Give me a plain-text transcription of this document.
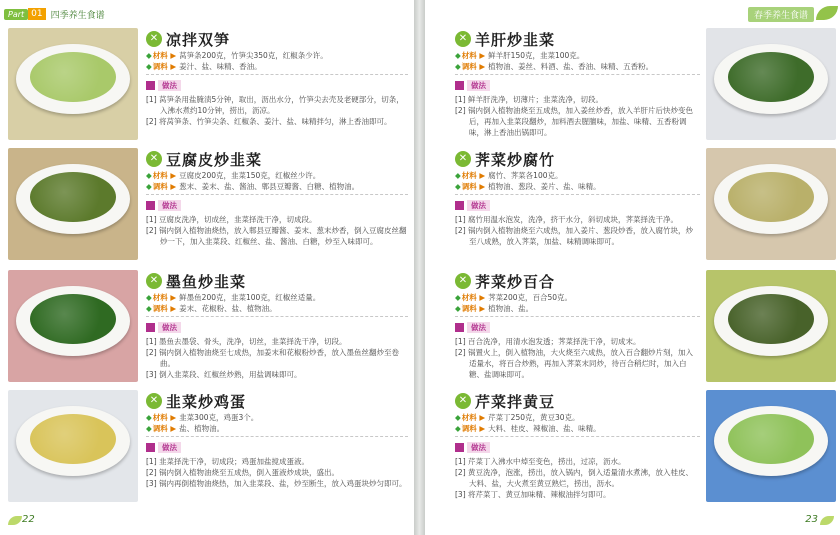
Part 01 四季养生食谱
✕ 凉拌双笋
◆材料 ▶ 莴笋条200克，竹笋尖350克，红椒条少许。
◆调料 ▶ 姜汁、盐、味精、香油。
做法
[1] 莴笋条用盐腌渍5分钟，取出，沥出水分，竹笋尖去壳及老硬部分，切条，入沸水煮约10分钟，捞出，沥凉。
[2] 将莴笋条、竹笋尖条、红椒条、姜汁、盐、味精拌匀，淋上香油即可。
✕ 豆腐皮炒韭菜
◆材料 ▶ 豆腐皮200克，韭菜150克，红椒丝少许。
◆调料 ▶ 葱末、姜末、盐、酱油、郫县豆瓣酱、白糖、植物油。
做法
[1] 豆腐皮洗净，切成丝，韭菜择洗干净，切成段。
[2] 锅内倒入植物油烧热，放入郫县豆瓣酱、姜末、葱末炒香，倒入豆腐皮丝翻炒一下，加入韭菜段、红椒丝、盐、酱油、白糖，炒至入味即可。
✕ 墨鱼炒韭菜
◆材料 ▶ 鲜墨鱼200克，韭菜100克，红椒丝适量。
◆调料 ▶ 姜末、花椒粉、盐、植物油。
做法
[1] 墨鱼去墨袋、骨头，洗净，切丝，韭菜择洗干净，切段。
[2] 锅内倒入植物油烧至七成热，加姜末和花椒粉炒香，放入墨鱼丝翻炒至卷曲。
[3] 倒入韭菜段、红椒丝炒熟，用盐调味即可。
✕ 韭菜炒鸡蛋
◆材料 ▶ 韭菜300克，鸡蛋3个。
◆调料 ▶ 盐、植物油。
做法
[1] 韭菜择洗干净，切成段；鸡蛋加盐搅成蛋液。
[2] 锅内倒入植物油烧至五成热，倒入蛋液炒成块，盛出。
[3] 锅内再倒植物油烧热，加入韭菜段、盐，炒至断生，放入鸡蛋块炒匀即可。
22
春季养生食谱
✕ 羊肝炒韭菜
◆材料 ▶ 鲜羊肝150克，韭菜100克。
◆调料 ▶ 植物油、姜丝、料酒、盐、香油、味精、五香粉。
做法
[1] 鲜羊肝洗净，切薄片；韭菜洗净，切段。
[2] 锅内倒入植物油烧至五成热，加入姜丝炒香，放入羊肝片后快炒变色后，再加入韭菜段翻炒，加料酒去腥膻味，加盐、味精、五香粉调味，淋上香油出锅即可。
✕ 荠菜炒腐竹
◆材料 ▶ 腐竹、荠菜各100克。
◆调料 ▶ 植物油、葱段、姜片、盐、味精。
做法
[1] 腐竹用温水泡发，洗净，挤干水分，斜切成块，荠菜择洗干净。
[2] 锅内倒入植物油烧至六成热，加入姜片、葱段炒香，放入腐竹块，炒至八成熟，放入荠菜，加盐、味精调味即可。
✕ 荠菜炒百合
◆材料 ▶ 荠菜200克，百合50克。
◆调料 ▶ 植物油、盐。
做法
[1] 百合洗净，用清水泡发透；荠菜择洗干净，切成末。
[2] 锅置火上，倒入植物油，大火烧至六成热，放入百合翻炒片刻，加入适量水，将百合炒熟，再加入荠菜末同炒，待百合稍烂时，加入白糖、盐调味即可。
✕ 芹菜拌黄豆
◆材料 ▶ 芹菜丁250克，黄豆30克。
◆调料 ▶ 大料、桂皮、辣椒油、盐、味精。
做法
[1] 芹菜丁入沸水中焯至变色，捞出，过凉，沥水。
[2] 黄豆洗净，泡涨，捞出，放入锅内，倒入适量清水煮沸，放入桂皮、大料、盐，大火煮至黄豆熟烂，捞出，沥水。
[3] 将芹菜丁、黄豆加味精、辣椒油拌匀即可。
23
